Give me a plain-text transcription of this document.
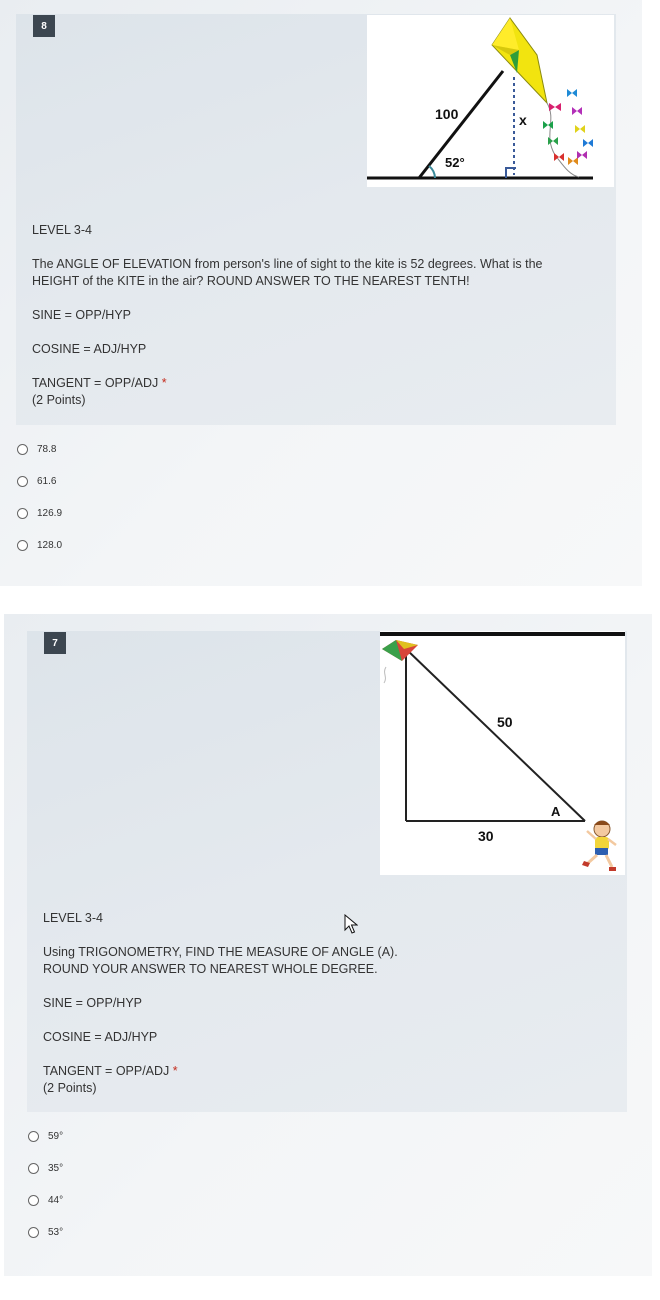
8
100	x
52°

LEVEL 3-4

The ANGLE OF ELEVATION from person's line of sight to the kite is 52 degrees. What is the HEIGHT of the KITE in the air? ROUND ANSWER TO THE NEAREST TENTH!

SINE = OPP/HYP

COSINE = ADJ/HYP

TANGENT = OPP/ADJ *

(2 Points)

78.8
61.6
126.9
128.0
7
50
A
30

LEVEL 3-4

Using TRIGONOMETRY, FIND THE MEASURE OF ANGLE (A).

ROUND YOUR ANSWER TO NEAREST WHOLE DEGREE.

SINE = OPP/HYP

COSINE = ADJ/HYP

TANGENT = OPP/ADJ *

(2 Points)

59°
35°
44°
53°
